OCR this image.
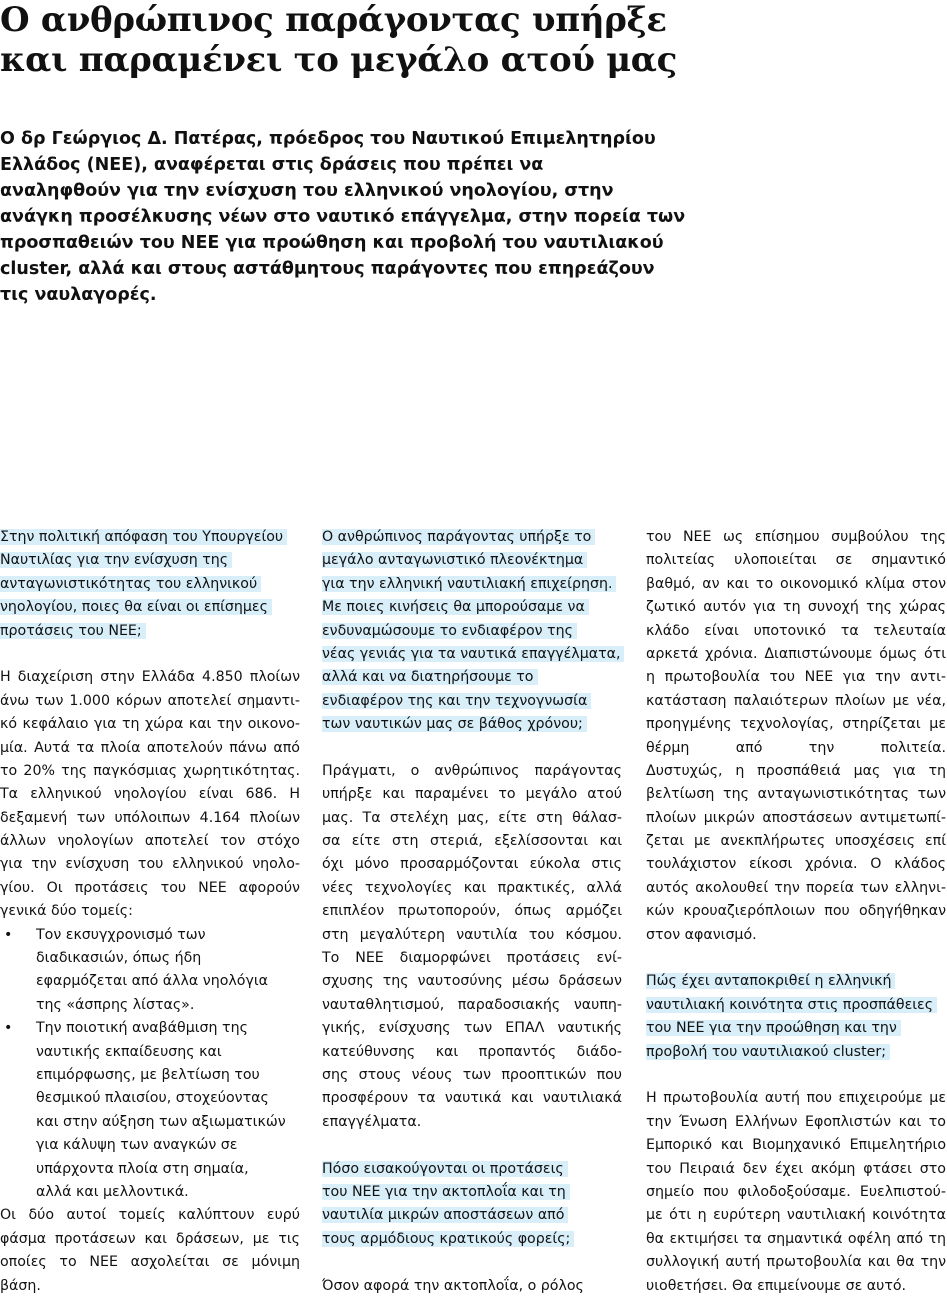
Ο ανθρώπινος παράγοντας υπήρξε
και παραμένει το μεγάλο ατού μας
Ο δρ Γεώργιος Δ. Πατέρας, πρόεδρος του Ναυτικού Επιμελητηρίου
Ελλάδος (ΝΕΕ), αναφέρεται στις δράσεις που πρέπει να
αναληφθούν για την ενίσχυση του ελληνικού νηολογίου, στην
ανάγκη προσέλκυσης νέων στο ναυτικό επάγγελμα, στην πορεία των
προσπαθειών του ΝΕΕ για προώθηση και προβολή του ναυτιλιακού
cluster, αλλά και στους αστάθμητους παράγοντες που επηρεάζουν
τις ναυλαγορές.
Στην πολιτική απόφαση του Υπουργείου
Ναυτιλίας για την ενίσχυση της
ανταγωνιστικότητας του ελληνικού
νηολογίου, ποιες θα είναι οι επίσημες
προτάσεις του ΝΕΕ;
Η διαχείριση στην Ελλάδα 4.850 πλοίων
άνω των 1.000 κόρων αποτελεί σημαντι-
κό κεφάλαιο για τη χώρα και την οικονο-
μία. Αυτά τα πλοία αποτελούν πάνω από
το 20% της παγκόσμιας χωρητικότητας.
Τα ελληνικού νηολογίου είναι 686. Η
δεξαμενή των υπόλοιπων 4.164 πλοίων
άλλων νηολογίων αποτελεί τον στόχο
για την ενίσχυση του ελληνικού νηολο-
γίου. Οι προτάσεις του ΝΕΕ αφορούν
γενικά δύο τομείς:
• Τον εκσυγχρονισμό των
διαδικασιών, όπως ήδη
εφαρμόζεται από άλλα νηολόγια
της «άσπρης λίστας».
• Την ποιοτική αναβάθμιση της
ναυτικής εκπαίδευσης και
επιμόρφωσης, με βελτίωση του
θεσμικού πλαισίου, στοχεύοντας
και στην αύξηση των αξιωματικών
για κάλυψη των αναγκών σε
υπάρχοντα πλοία στη σημαία,
αλλά και μελλοντικά.
Οι δύο αυτοί τομείς καλύπτουν ευρύ
φάσμα προτάσεων και δράσεων, με τις
οποίες το ΝΕΕ ασχολείται σε μόνιμη
βάση.
Ο ανθρώπινος παράγοντας υπήρξε το
μεγάλο ανταγωνιστικό πλεονέκτημα
για την ελληνική ναυτιλιακή επιχείρηση.
Με ποιες κινήσεις θα μπορούσαμε να
ενδυναμώσουμε το ενδιαφέρον της
νέας γενιάς για τα ναυτικά επαγγέλματα,
αλλά και να διατηρήσουμε το
ενδιαφέρον της και την τεχνογνωσία
των ναυτικών μας σε βάθος χρόνου;
Πράγματι, ο ανθρώπινος παράγοντας
υπήρξε και παραμένει το μεγάλο ατού
μας. Τα στελέχη μας, είτε στη θάλασ-
σα είτε στη στεριά, εξελίσσονται και
όχι μόνο προσαρμόζονται εύκολα στις
νέες τεχνολογίες και πρακτικές, αλλά
επιπλέον πρωτοπορούν, όπως αρμόζει
στη μεγαλύτερη ναυτιλία του κόσμου.
Το ΝΕΕ διαμορφώνει προτάσεις ενί-
σχυσης της ναυτοσύνης μέσω δράσεων
ναυταθλητισμού, παραδοσιακής ναυπη-
γικής, ενίσχυσης των ΕΠΑΛ ναυτικής
κατεύθυνσης και προπαντός διάδο-
σης στους νέους των προοπτικών που
προσφέρουν τα ναυτικά και ναυτιλιακά
επαγγέλματα.
Πόσο εισακούγονται οι προτάσεις
του ΝΕΕ για την ακτοπλοΐα και τη
ναυτιλία μικρών αποστάσεων από
τους αρμόδιους κρατικούς φορείς;
Όσον αφορά την ακτοπλοΐα, ο ρόλος
του ΝΕΕ ως επίσημου συμβούλου της
πολιτείας υλοποιείται σε σημαντικό
βαθμό, αν και το οικονομικό κλίμα στον
ζωτικό αυτόν για τη συνοχή της χώρας
κλάδο είναι υποτονικό τα τελευταία
αρκετά χρόνια. Διαπιστώνουμε όμως ότι
η πρωτοβουλία του ΝΕΕ για την αντι-
κατάσταση παλαιότερων πλοίων με νέα,
προηγμένης τεχνολογίας, στηρίζεται με
θέρμη από την πολιτεία.
Δυστυχώς, η προσπάθειά μας για τη
βελτίωση της ανταγωνιστικότητας των
πλοίων μικρών αποστάσεων αντιμετωπί-
ζεται με ανεκπλήρωτες υποσχέσεις επί
τουλάχιστον είκοσι χρόνια. Ο κλάδος
αυτός ακολουθεί την πορεία των ελληνι-
κών κρουαζιερόπλοιων που οδηγήθηκαν
στον αφανισμό.
Πώς έχει ανταποκριθεί η ελληνική
ναυτιλιακή κοινότητα στις προσπάθειες
του ΝΕΕ για την προώθηση και την
προβολή του ναυτιλιακού cluster;
Η πρωτοβουλία αυτή που επιχειρούμε με
την Ένωση Ελλήνων Εφοπλιστών και το
Εμπορικό και Βιομηχανικό Επιμελητήριο
του Πειραιά δεν έχει ακόμη φτάσει στο
σημείο που φιλοδοξούσαμε. Ευελπιστού-
με ότι η ευρύτερη ναυτιλιακή κοινότητα
θα εκτιμήσει τα σημαντικά οφέλη από τη
συλλογική αυτή πρωτοβουλία και θα την
υιοθετήσει. Θα επιμείνουμε σε αυτό.
